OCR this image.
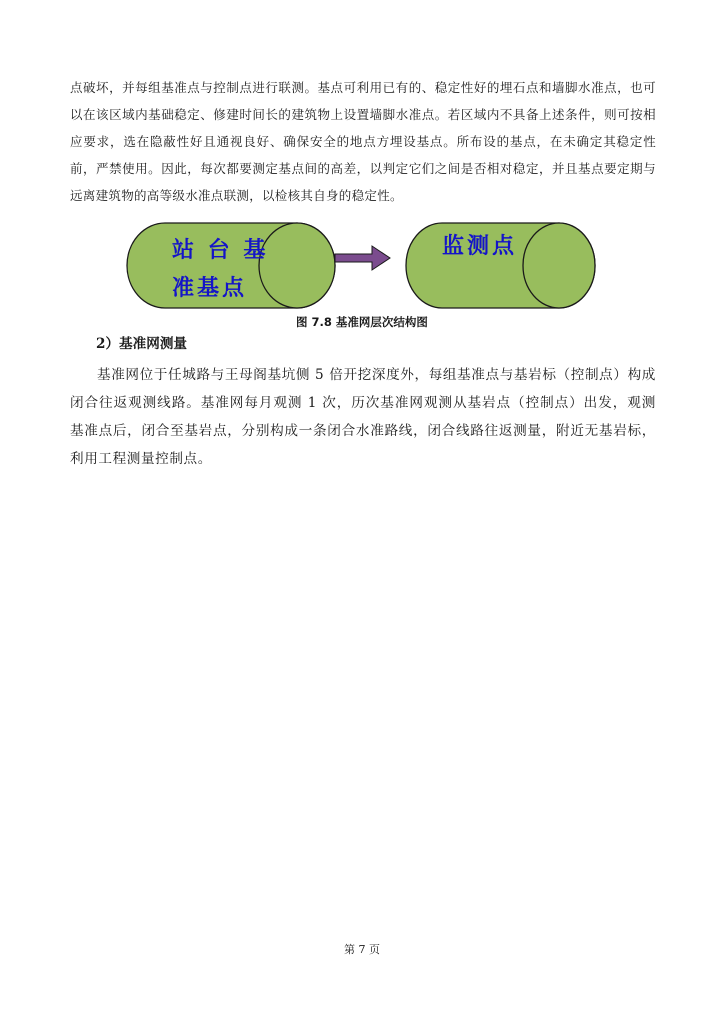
点破坏，并每组基准点与控制点进行联测。基点可利用已有的、稳定性好的埋石点和墙脚水准点，也可以在该区域内基础稳定、修建时间长的建筑物上设置墙脚水准点。若区域内不具备上述条件，则可按相应要求，选在隐蔽性好且通视良好、确保安全的地点方埋设基点。所布设的基点，在未确定其稳定性前，严禁使用。因此，每次都要测定基点间的高差，以判定它们之间是否相对稳定，并且基点要定期与远离建筑物的高等级水准点联测，以检核其自身的稳定性。

站 台 基
准基点
监测点
图 7.8 基准网层次结构图
2）基准网测量

基准网位于任城路与王母阁基坑侧 5 倍开挖深度外，每组基准点与基岩标（控制点）构成闭合往返观测线路。基准网每月观测 1 次，历次基准网观测从基岩点（控制点）出发，观测基准点后，闭合至基岩点，分别构成一条闭合水准路线，闭合线路往返测量，附近无基岩标，利用工程测量控制点。

第 7 页
